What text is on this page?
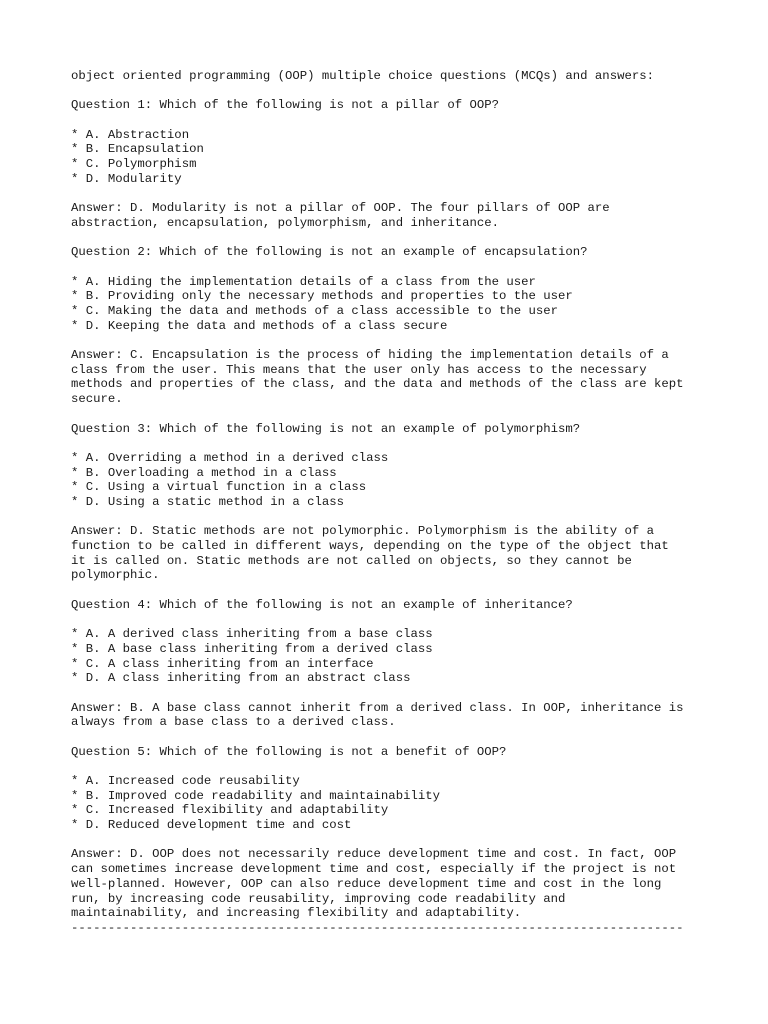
object oriented programming (OOP) multiple choice questions (MCQs) and answers:
Question 1: Which of the following is not a pillar of OOP?
* A. Abstraction
* B. Encapsulation
* C. Polymorphism
* D. Modularity
Answer: D. Modularity is not a pillar of OOP. The four pillars of OOP are
abstraction, encapsulation, polymorphism, and inheritance.
Question 2: Which of the following is not an example of encapsulation?
* A. Hiding the implementation details of a class from the user
* B. Providing only the necessary methods and properties to the user
* C. Making the data and methods of a class accessible to the user
* D. Keeping the data and methods of a class secure
Answer: C. Encapsulation is the process of hiding the implementation details of a
class from the user. This means that the user only has access to the necessary
methods and properties of the class, and the data and methods of the class are kept
secure.
Question 3: Which of the following is not an example of polymorphism?
* A. Overriding a method in a derived class
* B. Overloading a method in a class
* C. Using a virtual function in a class
* D. Using a static method in a class
Answer: D. Static methods are not polymorphic. Polymorphism is the ability of a
function to be called in different ways, depending on the type of the object that
it is called on. Static methods are not called on objects, so they cannot be
polymorphic.
Question 4: Which of the following is not an example of inheritance?
* A. A derived class inheriting from a base class
* B. A base class inheriting from a derived class
* C. A class inheriting from an interface
* D. A class inheriting from an abstract class
Answer: B. A base class cannot inherit from a derived class. In OOP, inheritance is
always from a base class to a derived class.
Question 5: Which of the following is not a benefit of OOP?
* A. Increased code reusability
* B. Improved code readability and maintainability
* C. Increased flexibility and adaptability
* D. Reduced development time and cost
Answer: D. OOP does not necessarily reduce development time and cost. In fact, OOP
can sometimes increase development time and cost, especially if the project is not
well-planned. However, OOP can also reduce development time and cost in the long
run, by increasing code reusability, improving code readability and
maintainability, and increasing flexibility and adaptability.
-----------------------------------------------------------------------------------
